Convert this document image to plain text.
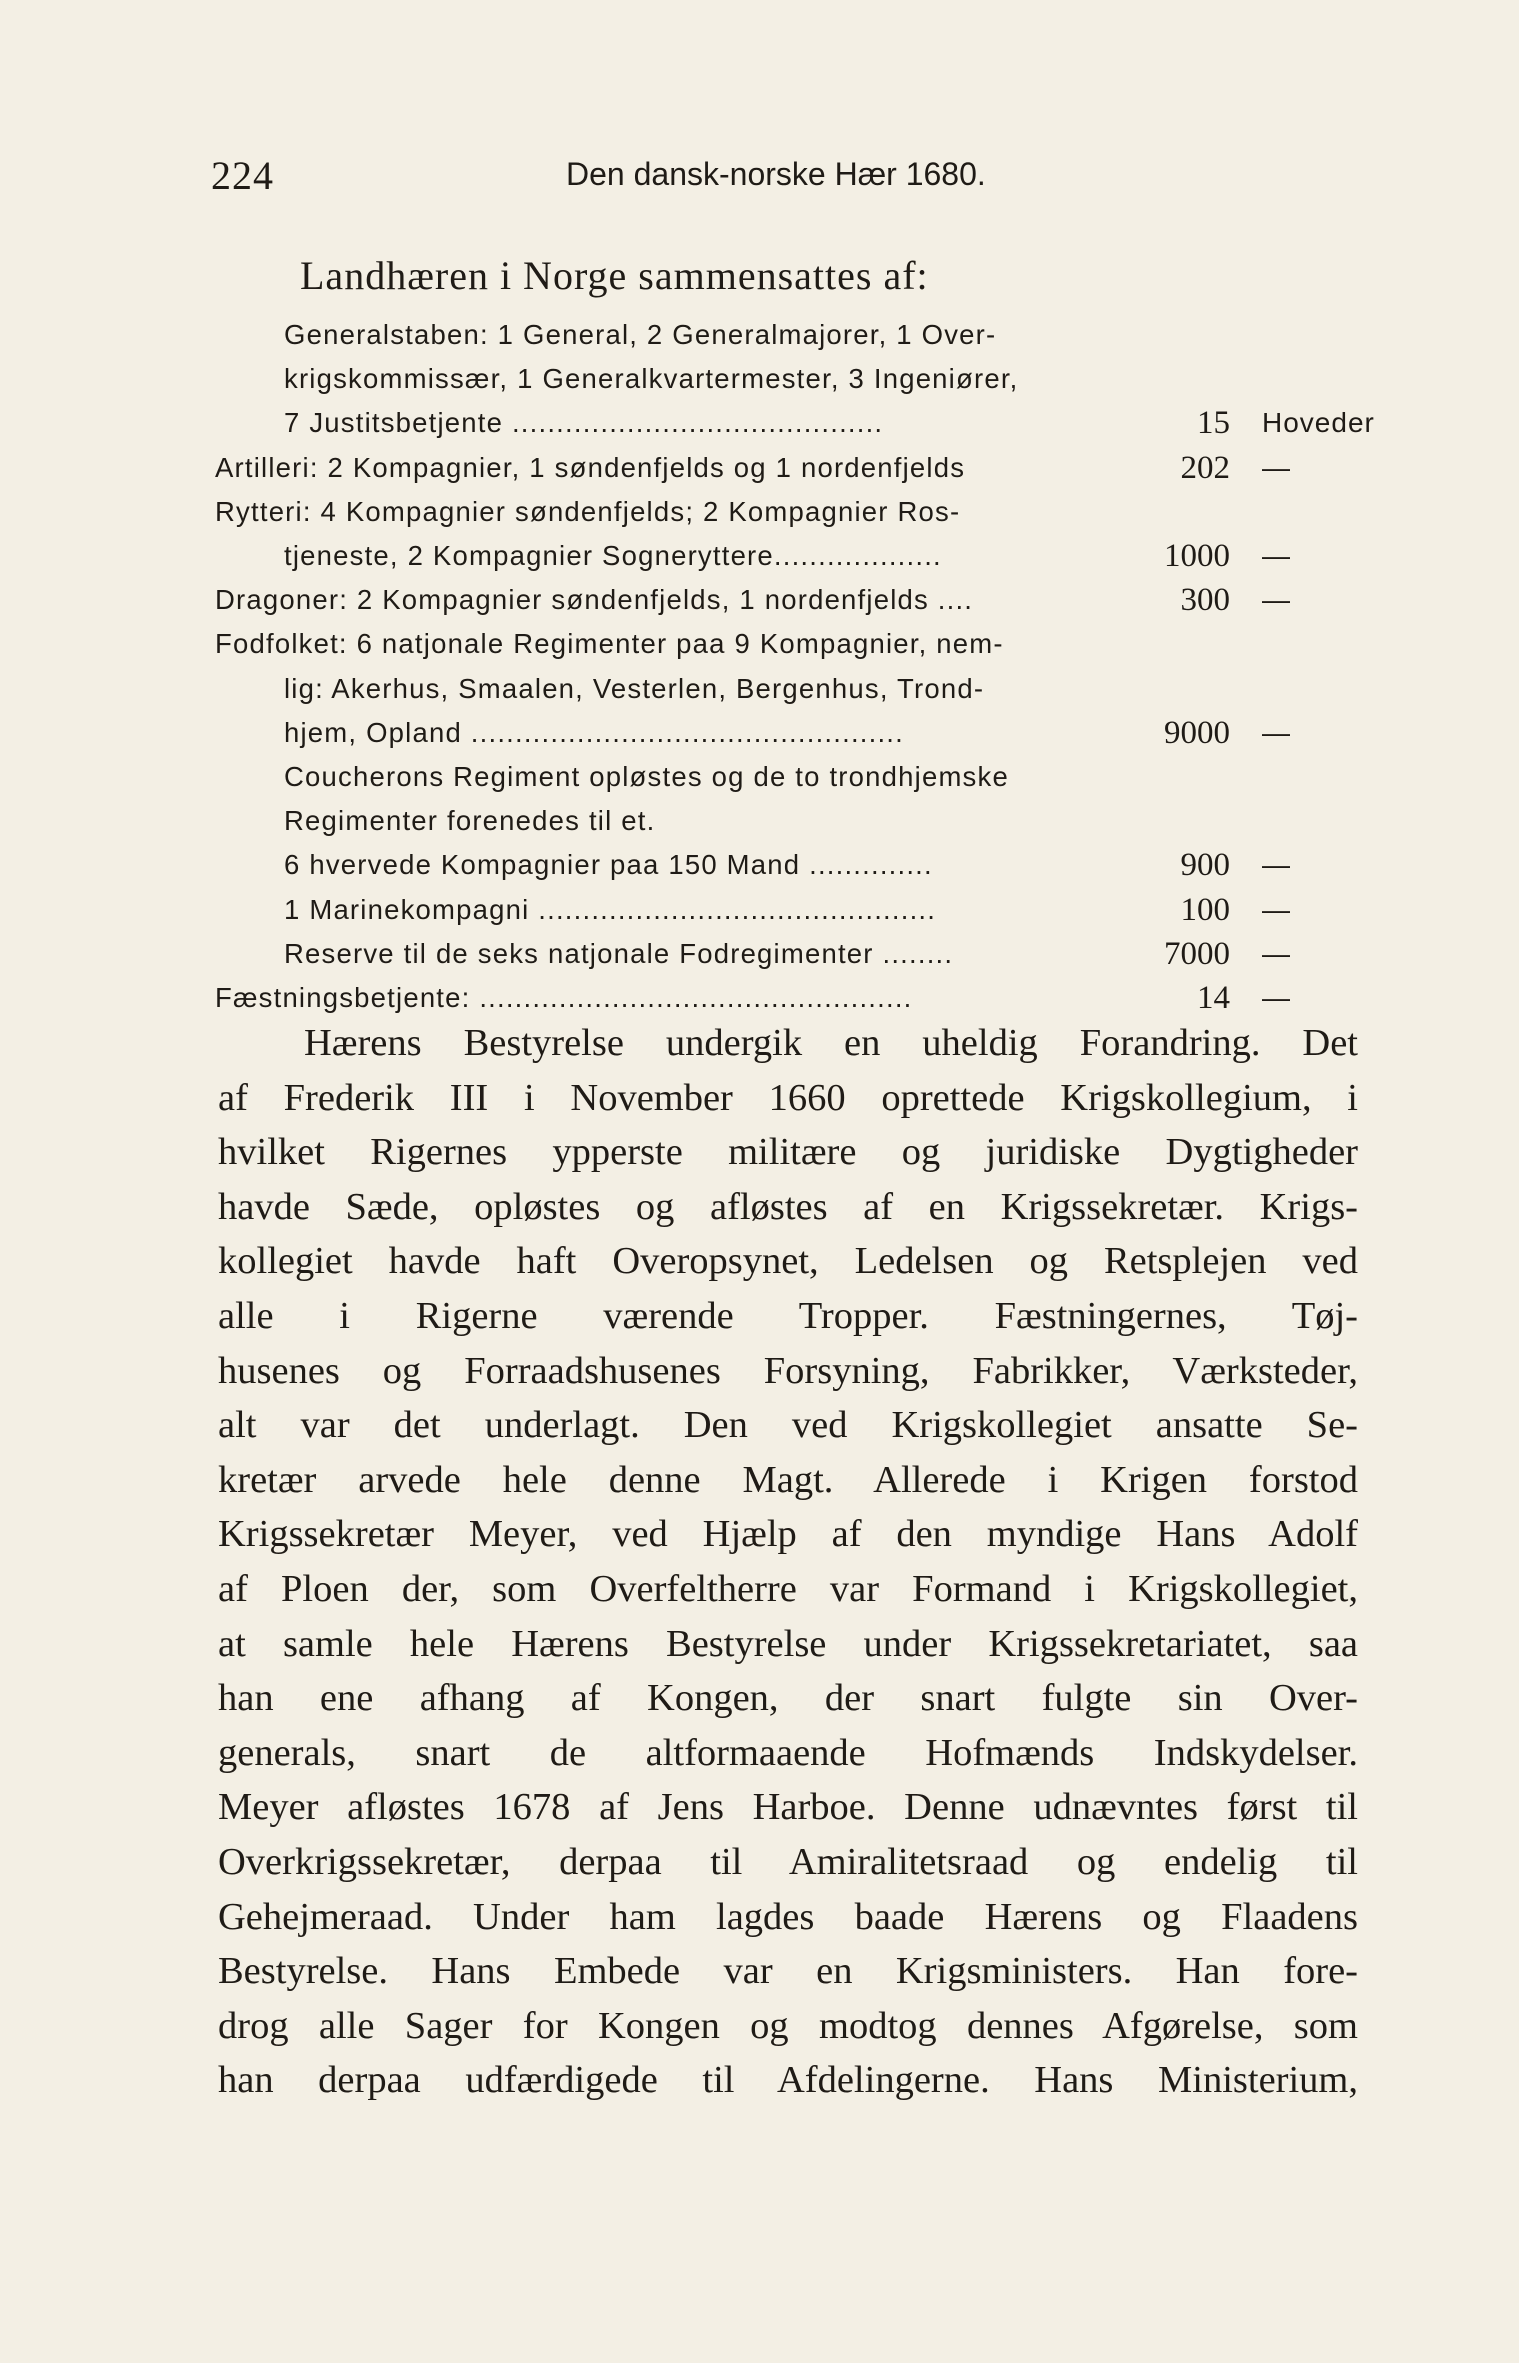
224	Den dansk-norske Hær 1680.
Landhæren i Norge sammensattes af:
Generalstaben: 1 General, 2 Generalmajorer, 1 Over-
krigskommissær, 1 Generalkvartermester, 3 Ingeniører,
7 Justitsbetjente ..........................................	15 Hoveder
Artilleri: 2 Kompagnier, 1 søndenfjelds og 1 nordenfjelds	202 —
Rytteri: 4 Kompagnier søndenfjelds; 2 Kompagnier Ros-
tjeneste, 2 Kompagnier Sogneryttere...................	1000 —
Dragoner: 2 Kompagnier søndenfjelds, 1 nordenfjelds ....	300 —
Fodfolket: 6 natjonale Regimenter paa 9 Kompagnier, nem-
lig: Akerhus, Smaalen, Vesterlen, Bergenhus, Trond-
hjem, Opland .................................................	9000 —
Coucherons Regiment opløstes og de to trondhjemske
Regimenter forenedes til et.
6 hvervede Kompagnier paa 150 Mand ..............	900 —
1 Marinekompagni .............................................	100 —
Reserve til de seks natjonale Fodregimenter ........	7000 —
Fæstningsbetjente: .................................................	14 —
Hærens Bestyrelse undergik en uheldig Forandring. Det
af Frederik III i November 1660 oprettede Krigskollegium, i
hvilket Rigernes ypperste militære og juridiske Dygtigheder
havde Sæde, opløstes og afløstes af en Krigssekretær. Krigs-
kollegiet havde haft Overopsynet, Ledelsen og Retsplejen ved
alle i Rigerne værende Tropper. Fæstningernes, Tøj-
husenes og Forraadshusenes Forsyning, Fabrikker, Værksteder,
alt var det underlagt. Den ved Krigskollegiet ansatte Se-
kretær arvede hele denne Magt. Allerede i Krigen forstod
Krigssekretær Meyer, ved Hjælp af den myndige Hans Adolf
af Ploen der, som Overfeltherre var Formand i Krigskollegiet,
at samle hele Hærens Bestyrelse under Krigssekretariatet, saa
han ene afhang af Kongen, der snart fulgte sin Over-
generals, snart de altformaaende Hofmænds Indskydelser.
Meyer afløstes 1678 af Jens Harboe. Denne udnævntes først til
Overkrigssekretær, derpaa til Amiralitetsraad og endelig til
Gehejmeraad. Under ham lagdes baade Hærens og Flaadens
Bestyrelse. Hans Embede var en Krigsministers. Han fore-
drog alle Sager for Kongen og modtog dennes Afgørelse, som
han derpaa udfærdigede til Afdelingerne. Hans Ministerium,
